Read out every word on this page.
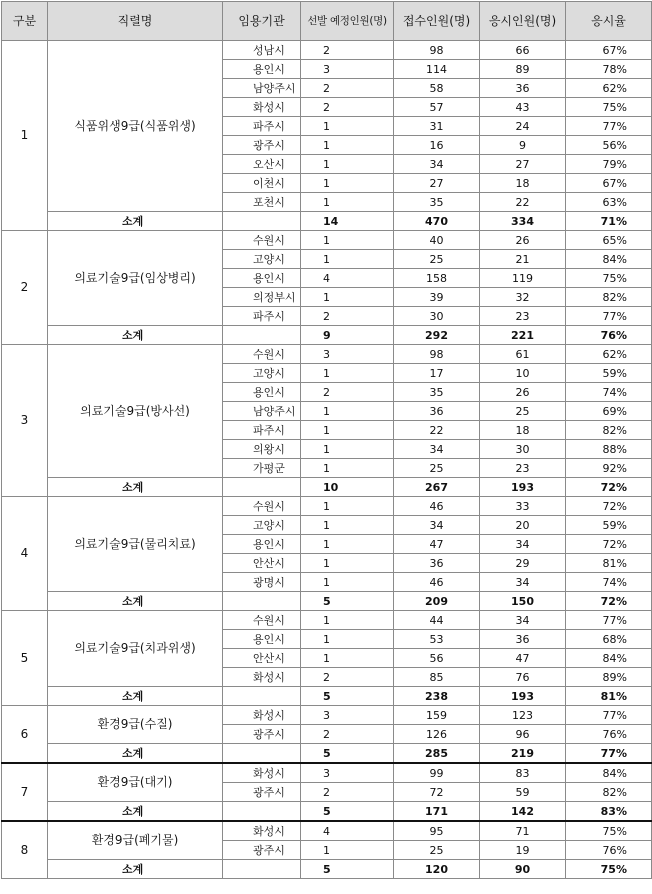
구분	직렬명	임용기관	선발 예정인원(명)	접수인원(명)	응시인원(명)	응시율
1	식품위생9급(식품위생)	성남시	2	98	66	67%
		용인시	3	114	89	78%
		남양주시	2	58	36	62%
		화성시	2	57	43	75%
		파주시	1	31	24	77%
		광주시	1	16	9	56%
		오산시	1	34	27	79%
		이천시	1	27	18	67%
		포천시	1	35	22	63%
	소계		14	470	334	71%
2	의료기술9급(임상병리)	수원시	1	40	26	65%
		고양시	1	25	21	84%
		용인시	4	158	119	75%
		의정부시	1	39	32	82%
		파주시	2	30	23	77%
	소계		9	292	221	76%
3	의료기술9급(방사선)	수원시	3	98	61	62%
		고양시	1	17	10	59%
		용인시	2	35	26	74%
		남양주시	1	36	25	69%
		파주시	1	22	18	82%
		의왕시	1	34	30	88%
		가평군	1	25	23	92%
	소계		10	267	193	72%
4	의료기술9급(물리치료)	수원시	1	46	33	72%
		고양시	1	34	20	59%
		용인시	1	47	34	72%
		안산시	1	36	29	81%
		광명시	1	46	34	74%
	소계		5	209	150	72%
5	의료기술9급(치과위생)	수원시	1	44	34	77%
		용인시	1	53	36	68%
		안산시	1	56	47	84%
		화성시	2	85	76	89%
	소계		5	238	193	81%
6	환경9급(수질)	화성시	3	159	123	77%
		광주시	2	126	96	76%
	소계		5	285	219	77%
7	환경9급(대기)	화성시	3	99	83	84%
		광주시	2	72	59	82%
	소계		5	171	142	83%
8	환경9급(폐기물)	화성시	4	95	71	75%
		광주시	1	25	19	76%
	소계		5	120	90	75%
